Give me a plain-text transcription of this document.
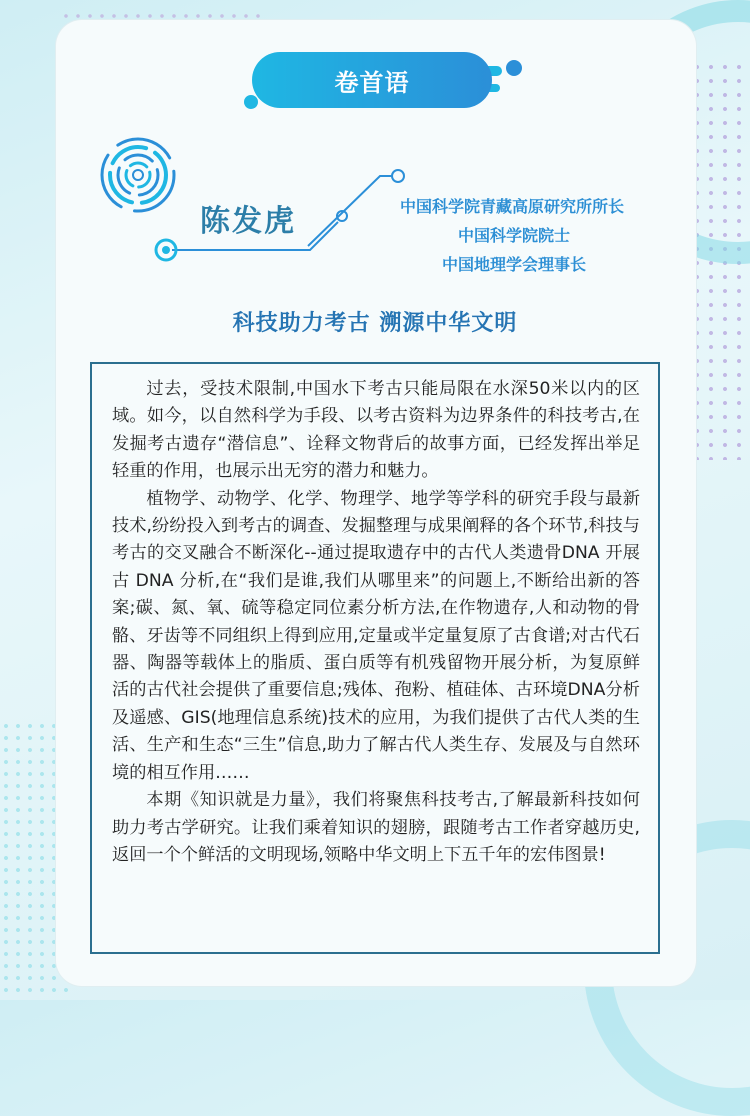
卷首语
陈发虎	中国科学院青藏高原研究所所长
中国科学院院士
中国地理学会理事长
科技助力考古 溯源中华文明

过去，受技术限制,中国水下考古只能局限在水深50米以内的区域。如今，以自然科学为手段、以考古资料为边界条件的科技考古,在发掘考古遗存“潜信息”、诠释文物背后的故事方面，已经发挥出举足轻重的作用，也展示出无穷的潜力和魅力。

植物学、动物学、化学、物理学、地学等学科的研究手段与最新技术,纷纷投入到考古的调查、发掘整理与成果阐释的各个环节,科技与考古的交叉融合不断深化--通过提取遗存中的古代人类遗骨DNA 开展古 DNA 分析,在“我们是谁,我们从哪里来”的问题上,不断给出新的答案;碳、氮、氧、硫等稳定同位素分析方法,在作物遗存,人和动物的骨骼、牙齿等不同组织上得到应用,定量或半定量复原了古食谱;对古代石器、陶器等载体上的脂质、蛋白质等有机残留物开展分析，为复原鲜活的古代社会提供了重要信息;残体、孢粉、植硅体、古环境DNA分析及遥感、GIS(地理信息系统)技术的应用，为我们提供了古代人类的生活、生产和生态“三生”信息,助力了解古代人类生存、发展及与自然环境的相互作用……

本期《知识就是力量》，我们将聚焦科技考古,了解最新科技如何助力考古学研究。让我们乘着知识的翅膀，跟随考古工作者穿越历史,返回一个个鲜活的文明现场,领略中华文明上下五千年的宏伟图景!
